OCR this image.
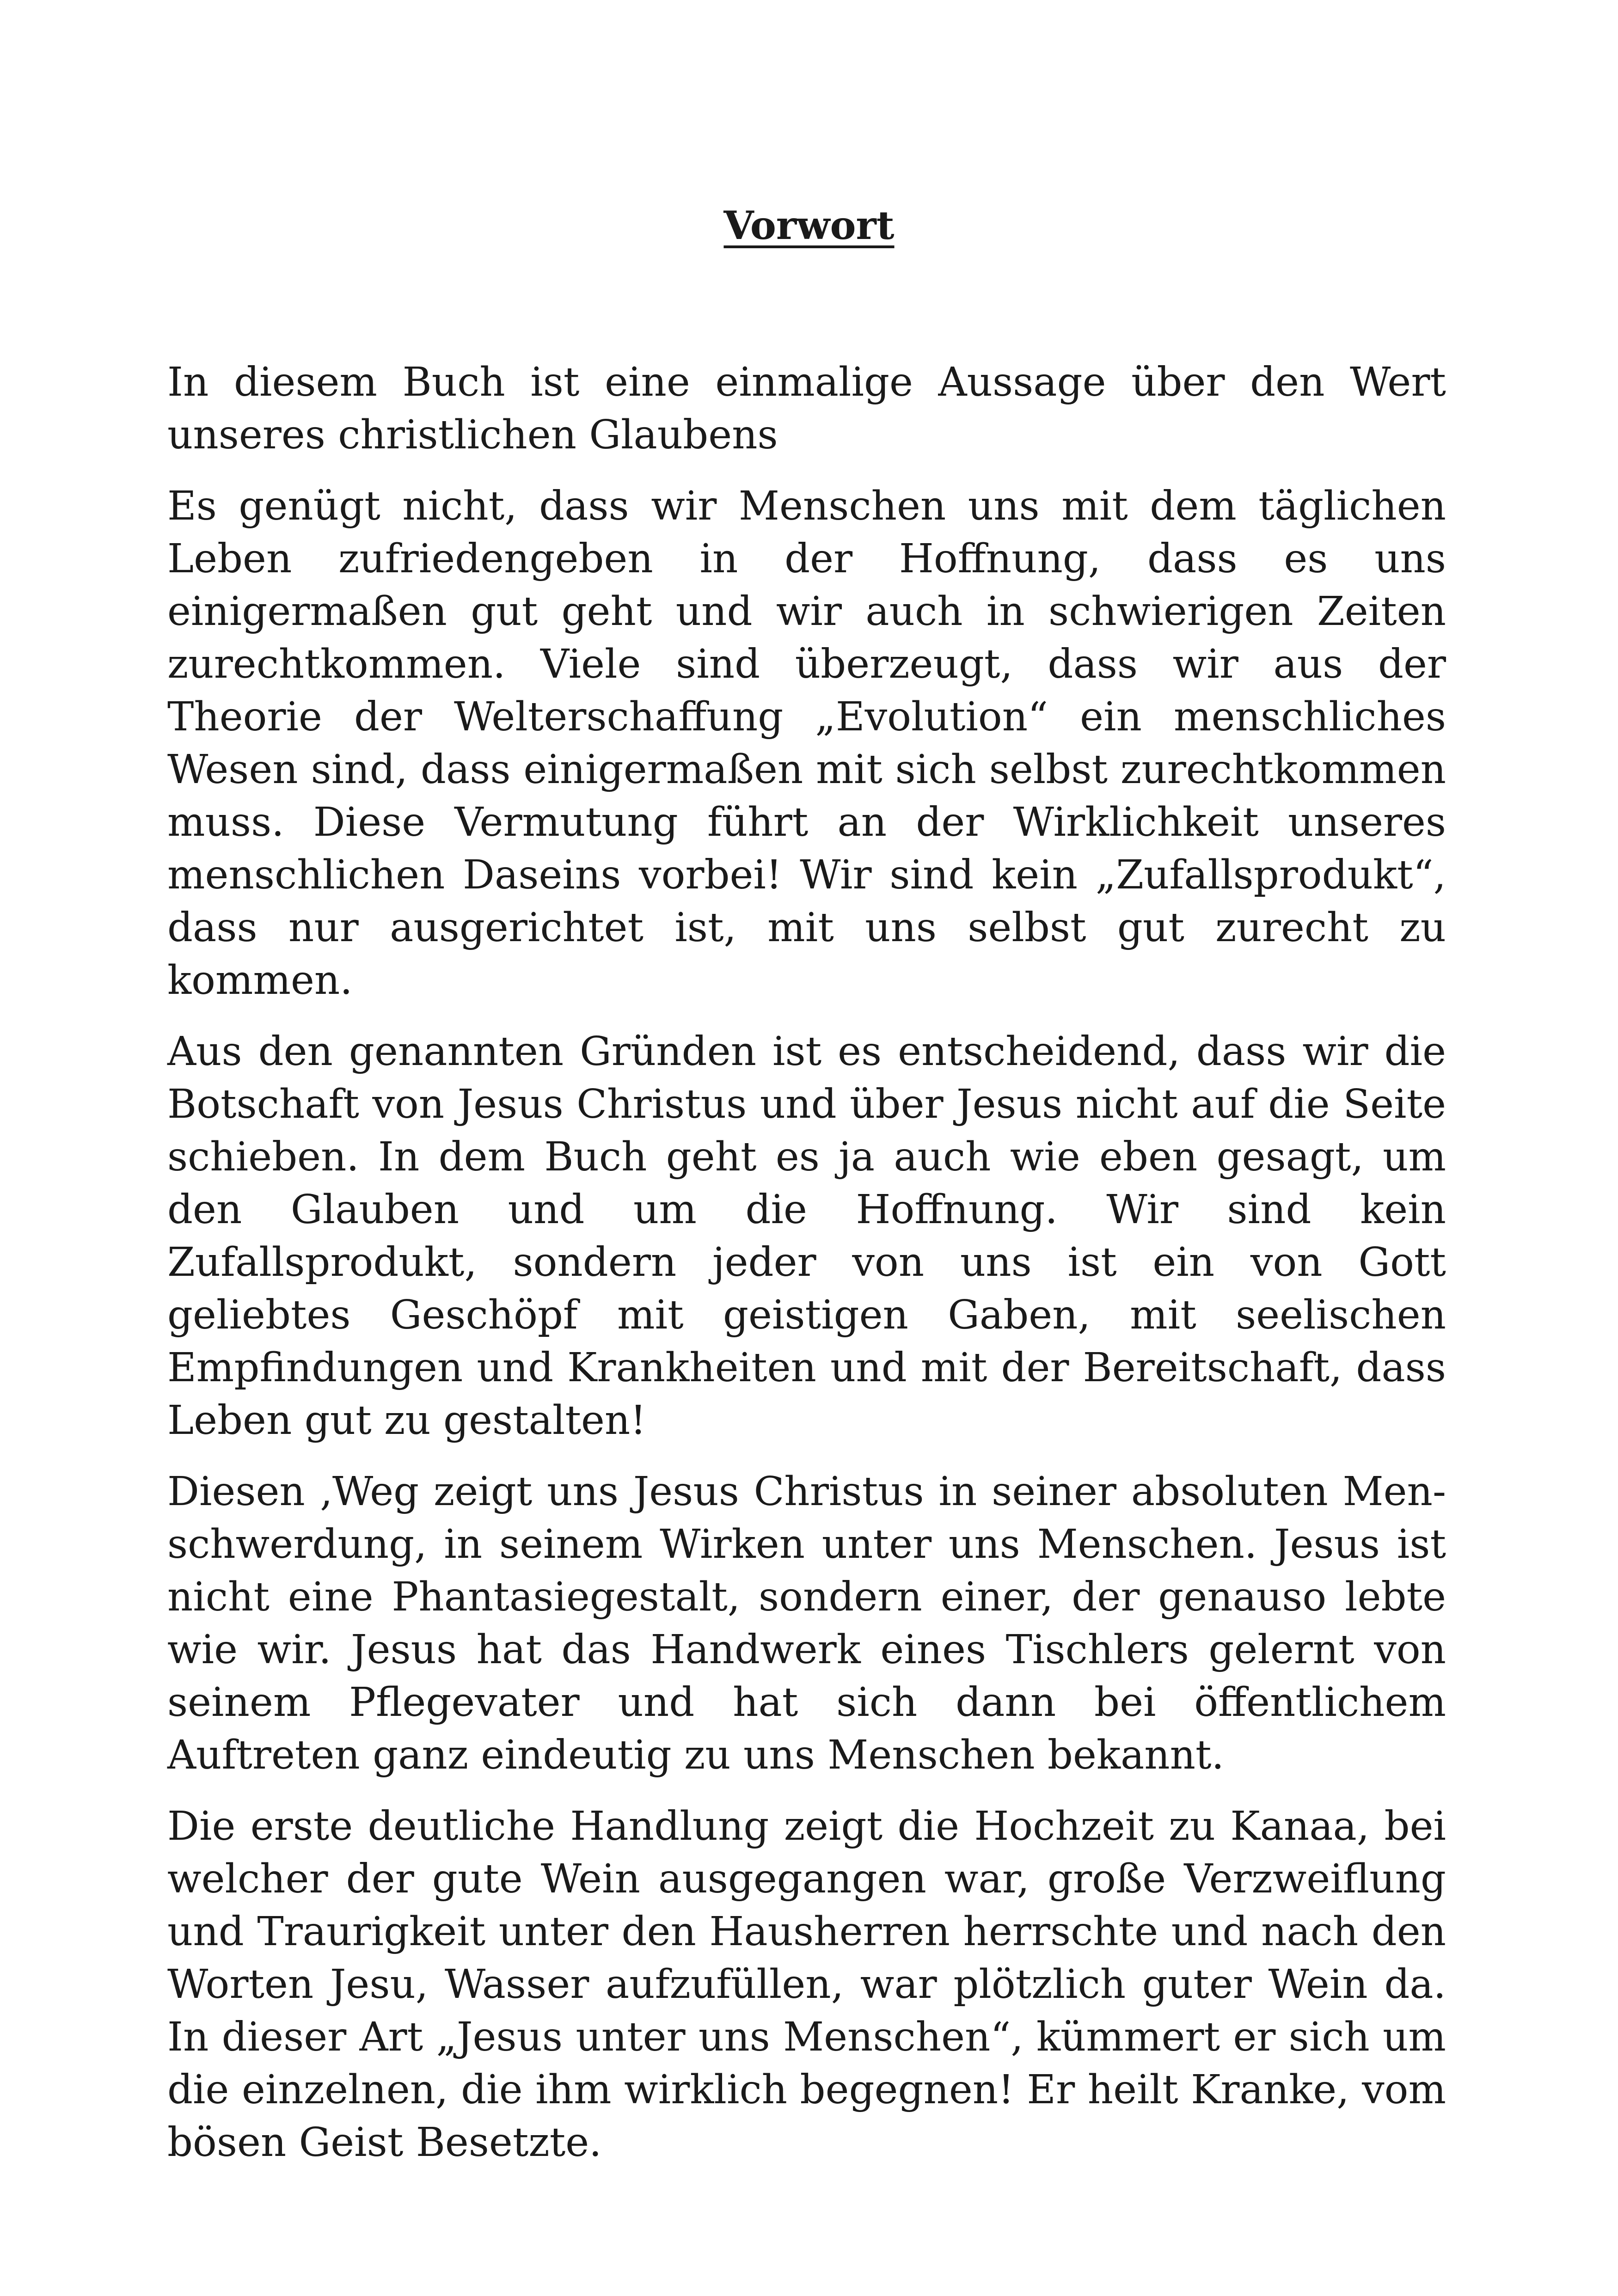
Vorwort

In diesem Buch ist eine einmalige Aussage über den Wert unseres christlichen Glaubens

Es genügt nicht, dass wir Menschen uns mit dem täglichen Leben zufriedengeben in der Hoffnung, dass es uns einigermaßen gut geht und wir auch in schwierigen Zeiten zurechtkommen. Viele sind überzeugt, dass wir aus der Theorie der Welterschaffung „Evolution“ ein menschliches Wesen sind, dass einigermaßen mit sich selbst zurechtkommen muss. Diese Vermutung führt an der Wirklichkeit unseres menschlichen Daseins vorbei! Wir sind kein „Zufallsprodukt“, dass nur ausgerichtet ist, mit uns selbst gut zurecht zu kommen.

Aus den genannten Gründen ist es entscheidend, dass wir die Botschaft von Jesus Christus und über Jesus nicht auf die Seite schieben. In dem Buch geht es ja auch wie eben gesagt, um den Glauben und um die Hoffnung. Wir sind kein Zufallsprodukt, sondern jeder von uns ist ein von Gott geliebtes Geschöpf mit geistigen Gaben, mit seelischen Empfindungen und Krankheiten und mit der Bereitschaft, dass Leben gut zu gestalten!

Diesen ‚Weg zeigt uns Jesus Christus in seiner absoluten Menschwerdung, in seinem Wirken unter uns Menschen. Jesus ist nicht eine Phantasiegestalt, sondern einer, der genauso lebte wie wir. Jesus hat das Handwerk eines Tischlers gelernt von seinem Pflegevater und hat sich dann bei öffentlichem Auftreten ganz eindeutig zu uns Menschen bekannt.

Die erste deutliche Handlung zeigt die Hochzeit zu Kanaa, bei welcher der gute Wein ausgegangen war, große Verzweiflung und Traurigkeit unter den Hausherren herrschte und nach den Worten Jesu, Wasser aufzufüllen, war plötzlich guter Wein da. In dieser Art „Jesus unter uns Menschen“, kümmert er sich um die einzelnen, die ihm wirklich begegnen! Er heilt Kranke, vom bösen Geist Besetzte.
